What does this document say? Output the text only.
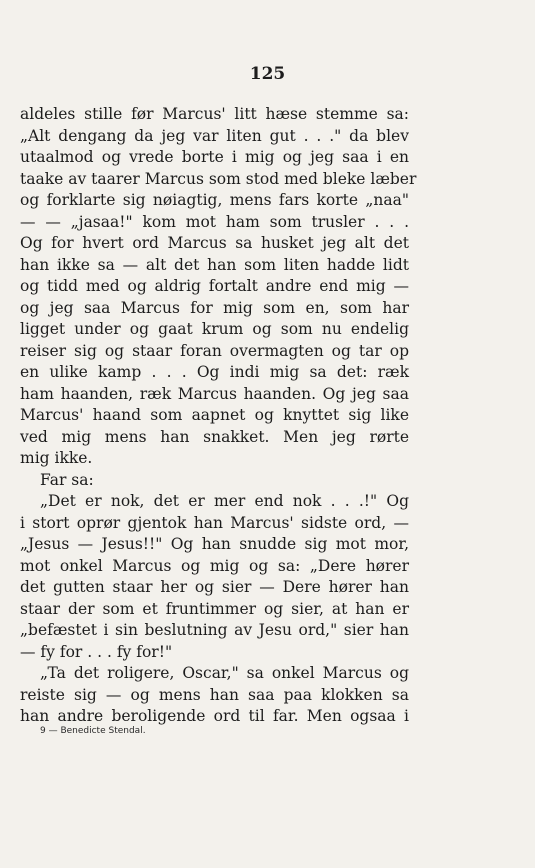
125
aldeles stille før Marcus' litt hæse stemme sa:
„Alt dengang da jeg var liten gut . . ." da blev
utaalmod og vrede borte i mig og jeg saa i en
taake av taarer Marcus som stod med bleke læber
og forklarte sig nøiagtig, mens fars korte „naa"
— — „jasaa!" kom mot ham som trusler . . .
Og for hvert ord Marcus sa husket jeg alt det
han ikke sa — alt det han som liten hadde lidt
og tidd med og aldrig fortalt andre end mig —
og jeg saa Marcus for mig som en, som har
ligget under og gaat krum og som nu endelig
reiser sig og staar foran overmagten og tar op
en ulike kamp . . . Og indi mig sa det: ræk
ham haanden, ræk Marcus haanden. Og jeg saa
Marcus' haand som aapnet og knyttet sig like
ved mig mens han snakket. Men jeg rørte
mig ikke.
Far sa:
„Det er nok, det er mer end nok . . .!" Og
i stort oprør gjentok han Marcus' sidste ord, —
„Jesus — Jesus!!" Og han snudde sig mot mor,
mot onkel Marcus og mig og sa: „Dere hører
det gutten staar her og sier — Dere hører han
staar der som et fruntimmer og sier, at han er
„befæstet i sin beslutning av Jesu ord," sier han
— fy for . . . fy for!"
„Ta det roligere, Oscar," sa onkel Marcus og
reiste sig — og mens han saa paa klokken sa
han andre beroligende ord til far. Men ogsaa i
9 — Benedicte Stendal.
